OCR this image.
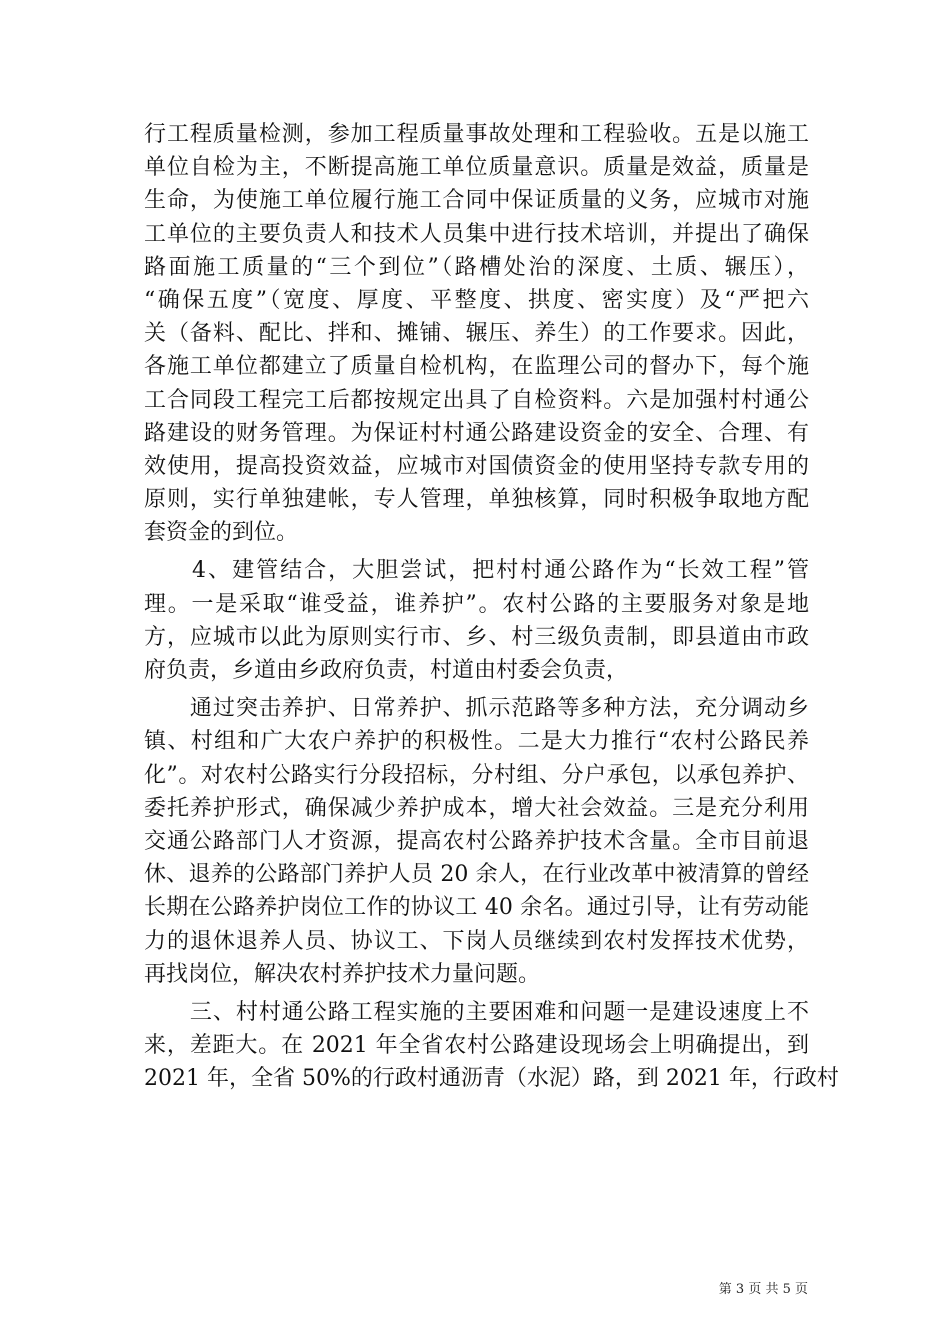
行工程质量检测，参加工程质量事故处理和工程验收。五是以施工
单位自检为主，不断提高施工单位质量意识。质量是效益，质量是
生命，为使施工单位履行施工合同中保证质量的义务，应城市对施
工单位的主要负责人和技术人员集中进行技术培训，并提出了确保
路面施工质量的“三个到位”（路槽处治的深度、土质、辗压），
“确保五度”（宽度、厚度、平整度、拱度、密实度）及“严把六
关（备料、配比、拌和、摊铺、辗压、养生）的工作要求。因此，
各施工单位都建立了质量自检机构，在监理公司的督办下，每个施
工合同段工程完工后都按规定出具了自检资料。六是加强村村通公
路建设的财务管理。为保证村村通公路建设资金的安全、合理、有
效使用，提高投资效益，应城市对国债资金的使用坚持专款专用的
原则，实行单独建帐，专人管理，单独核算，同时积极争取地方配
套资金的到位。
　　4、建管结合，大胆尝试，把村村通公路作为“长效工程”管
理。一是采取“谁受益，谁养护”。农村公路的主要服务对象是地
方，应城市以此为原则实行市、乡、村三级负责制，即县道由市政
府负责，乡道由乡政府负责，村道由村委会负责，
　　通过突击养护、日常养护、抓示范路等多种方法，充分调动乡
镇、村组和广大农户养护的积极性。二是大力推行“农村公路民养
化”。对农村公路实行分段招标，分村组、分户承包，以承包养护、
委托养护形式，确保减少养护成本，增大社会效益。三是充分利用
交通公路部门人才资源，提高农村公路养护技术含量。全市目前退
休、退养的公路部门养护人员 20 余人，在行业改革中被清算的曾经
长期在公路养护岗位工作的协议工 40 余名。通过引导，让有劳动能
力的退休退养人员、协议工、下岗人员继续到农村发挥技术优势，
再找岗位，解决农村养护技术力量问题。
　　三、村村通公路工程实施的主要困难和问题一是建设速度上不
来，差距大。在 2021 年全省农村公路建设现场会上明确提出，到
2021 年，全省 50%的行政村通沥青（水泥）路，到 2021 年，行政村
第 3 页 共 5 页
